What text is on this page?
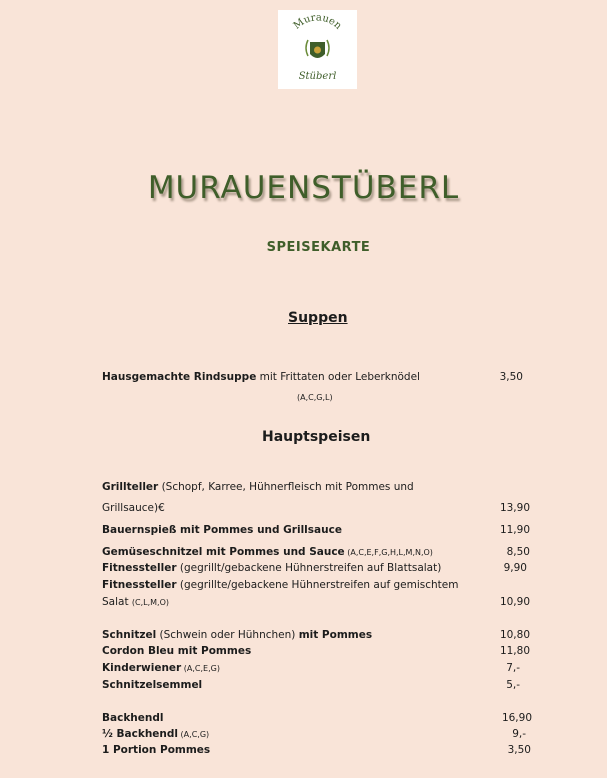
Murauen
Stüberl
MURAUENSTÜBERL
SPEISEKARTE
Suppen
Hausgemachte Rindsuppe mit Frittaten oder Leberknödel	3,50
(A,C,G,L)
Hauptspeisen
Grillteller (Schopf, Karree, Hühnerfleisch mit Pommes und
Grillsauce)€	13,90
Bauernspieß mit Pommes und Grillsauce	11,90
Gemüseschnitzel mit Pommes und Sauce (A,C,E,F,G,H,L,M,N,O)	8,50
Fitnessteller (gegrillt/gebackene Hühnerstreifen auf Blattsalat)	9,90
Fitnessteller (gegrillte/gebackene Hühnerstreifen auf gemischtem
Salat (C,L,M,O)	10,90
Schnitzel (Schwein oder Hühnchen) mit Pommes	10,80
Cordon Bleu mit Pommes	11,80
Kinderwiener (A,C,E,G)	7,-
Schnitzelsemmel	5,-
Backhendl	16,90
½ Backhendl (A,C,G)	9,-
1 Portion Pommes	3,50
